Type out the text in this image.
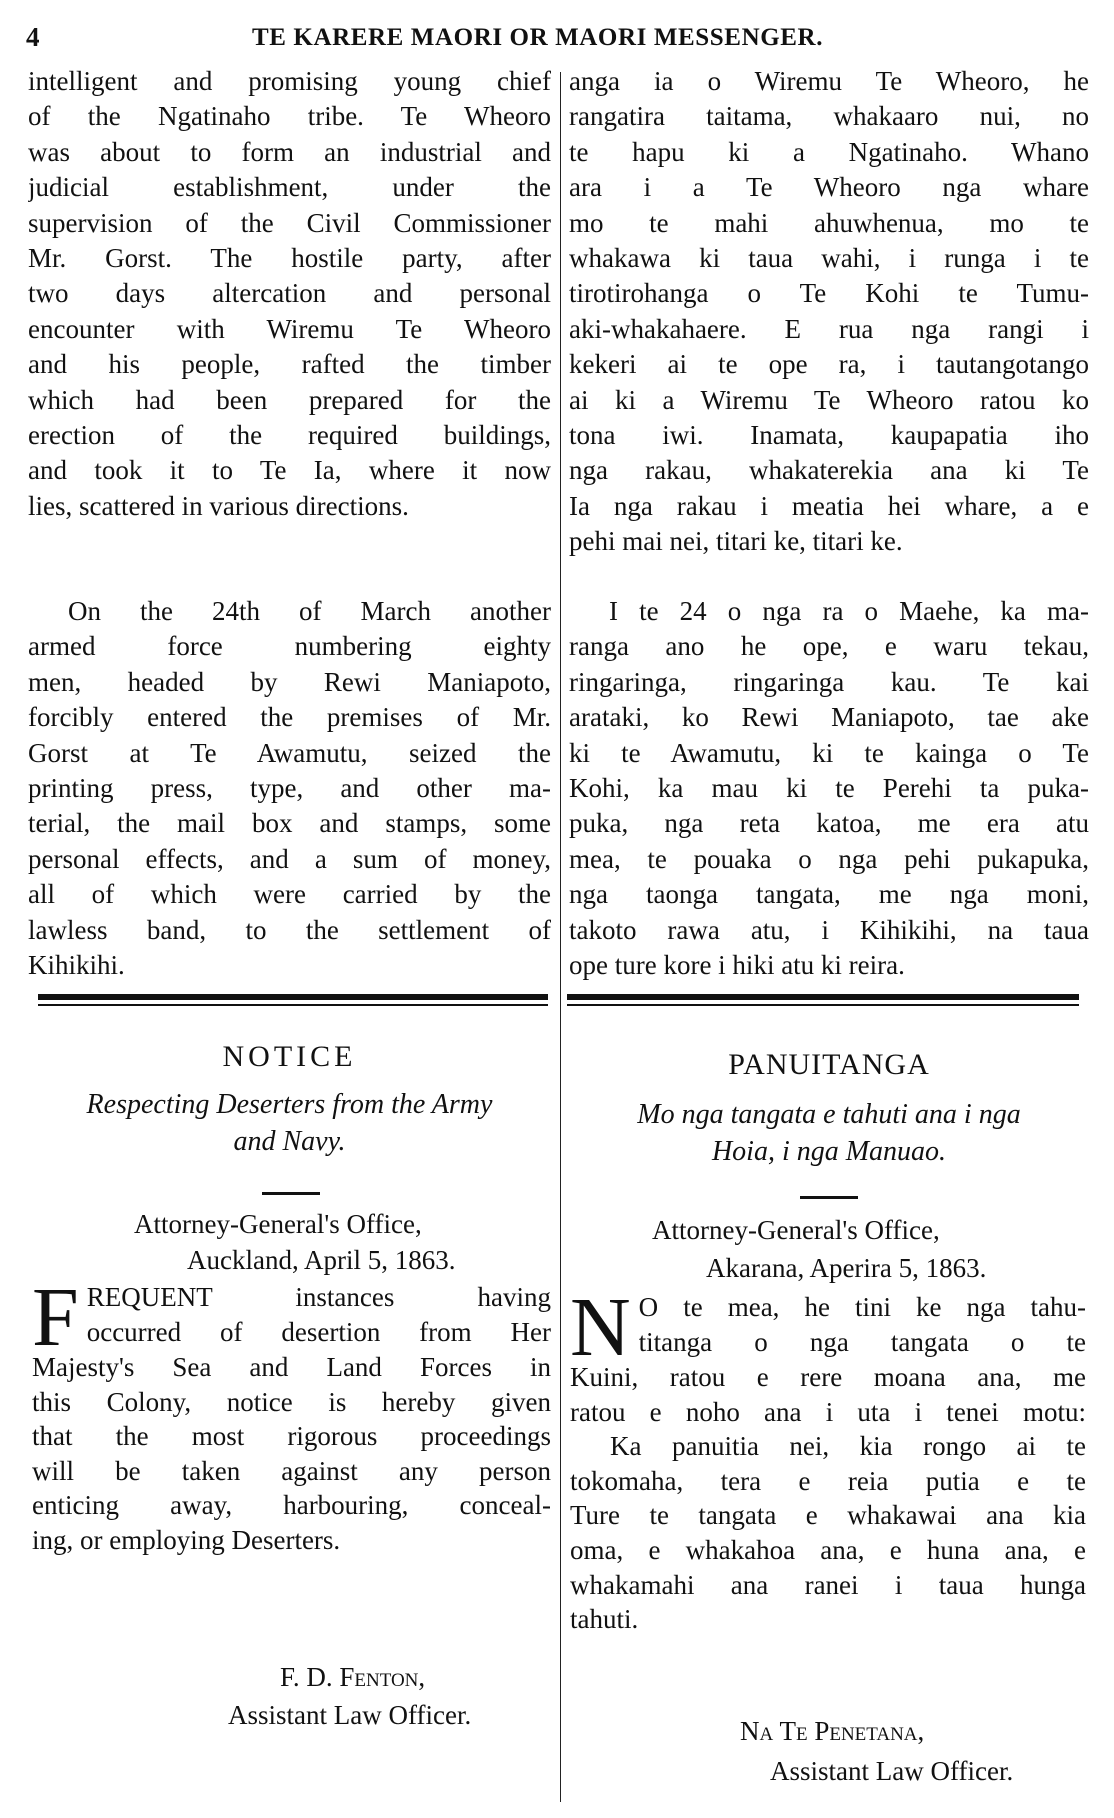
4	TE KARERE MAORI OR MAORI MESSENGER.
intelligent and promising young chief
of the Ngatinaho tribe. Te Wheoro
was about to form an industrial and
judicial establishment, under the
supervision of the Civil Commissioner
Mr. Gorst. The hostile party, after
two days altercation and personal
encounter with Wiremu Te Wheoro
and his people, rafted the timber
which had been prepared for the
erection of the required buildings,
and took it to Te Ia, where it now
lies, scattered in various directions.
On the 24th of March another
armed force numbering eighty
men, headed by Rewi Maniapoto,
forcibly entered the premises of Mr.
Gorst at Te Awamutu, seized the
printing press, type, and other ma-
terial, the mail box and stamps, some
personal effects, and a sum of money,
all of which were carried by the
lawless band, to the settlement of
Kihikihi.
NOTICE
Respecting Deserters from the Army
and Navy.
Attorney-General's Office,
Auckland, April 5, 1863.
F REQUENT instances having
occurred of desertion from Her
Majesty's Sea and Land Forces in
this Colony, notice is hereby given
that the most rigorous proceedings
will be taken against any person
enticing away, harbouring, conceal-
ing, or employing Deserters.
F. D. Fenton,
Assistant Law Officer.
anga ia o Wiremu Te Wheoro, he
rangatira taitama, whakaaro nui, no
te hapu ki a Ngatinaho. Whano
ara i a Te Wheoro nga whare
mo te mahi ahuwhenua, mo te
whakawa ki taua wahi, i runga i te
tirotirohanga o Te Kohi te Tumu-
aki-whakahaere. E rua nga rangi i
kekeri ai te ope ra, i tautangotango
ai ki a Wiremu Te Wheoro ratou ko
tona iwi. Inamata, kaupapatia iho
nga rakau, whakaterekia ana ki Te
Ia nga rakau i meatia hei whare, a e
pehi mai nei, titari ke, titari ke.
I te 24 o nga ra o Maehe, ka ma-
ranga ano he ope, e waru tekau,
ringaringa, ringaringa kau. Te kai
arataki, ko Rewi Maniapoto, tae ake
ki te Awamutu, ki te kainga o Te
Kohi, ka mau ki te Perehi ta puka-
puka, nga reta katoa, me era atu
mea, te pouaka o nga pehi pukapuka,
nga taonga tangata, me nga moni,
takoto rawa atu, i Kihikihi, na taua
ope ture kore i hiki atu ki reira.
PANUITANGA
Mo nga tangata e tahuti ana i nga
Hoia, i nga Manuao.
Attorney-General's Office,
Akarana, Aperira 5, 1863.
N O te mea, he tini ke nga tahu-
titanga o nga tangata o te
Kuini, ratou e rere moana ana, me
ratou e noho ana i uta i tenei motu:
Ka panuitia nei, kia rongo ai te
tokomaha, tera e reia putia e te
Ture te tangata e whakawai ana kia
oma, e whakahoa ana, e huna ana, e
whakamahi ana ranei i taua hunga
tahuti.
Na Te Penetana,
Assistant Law Officer.
